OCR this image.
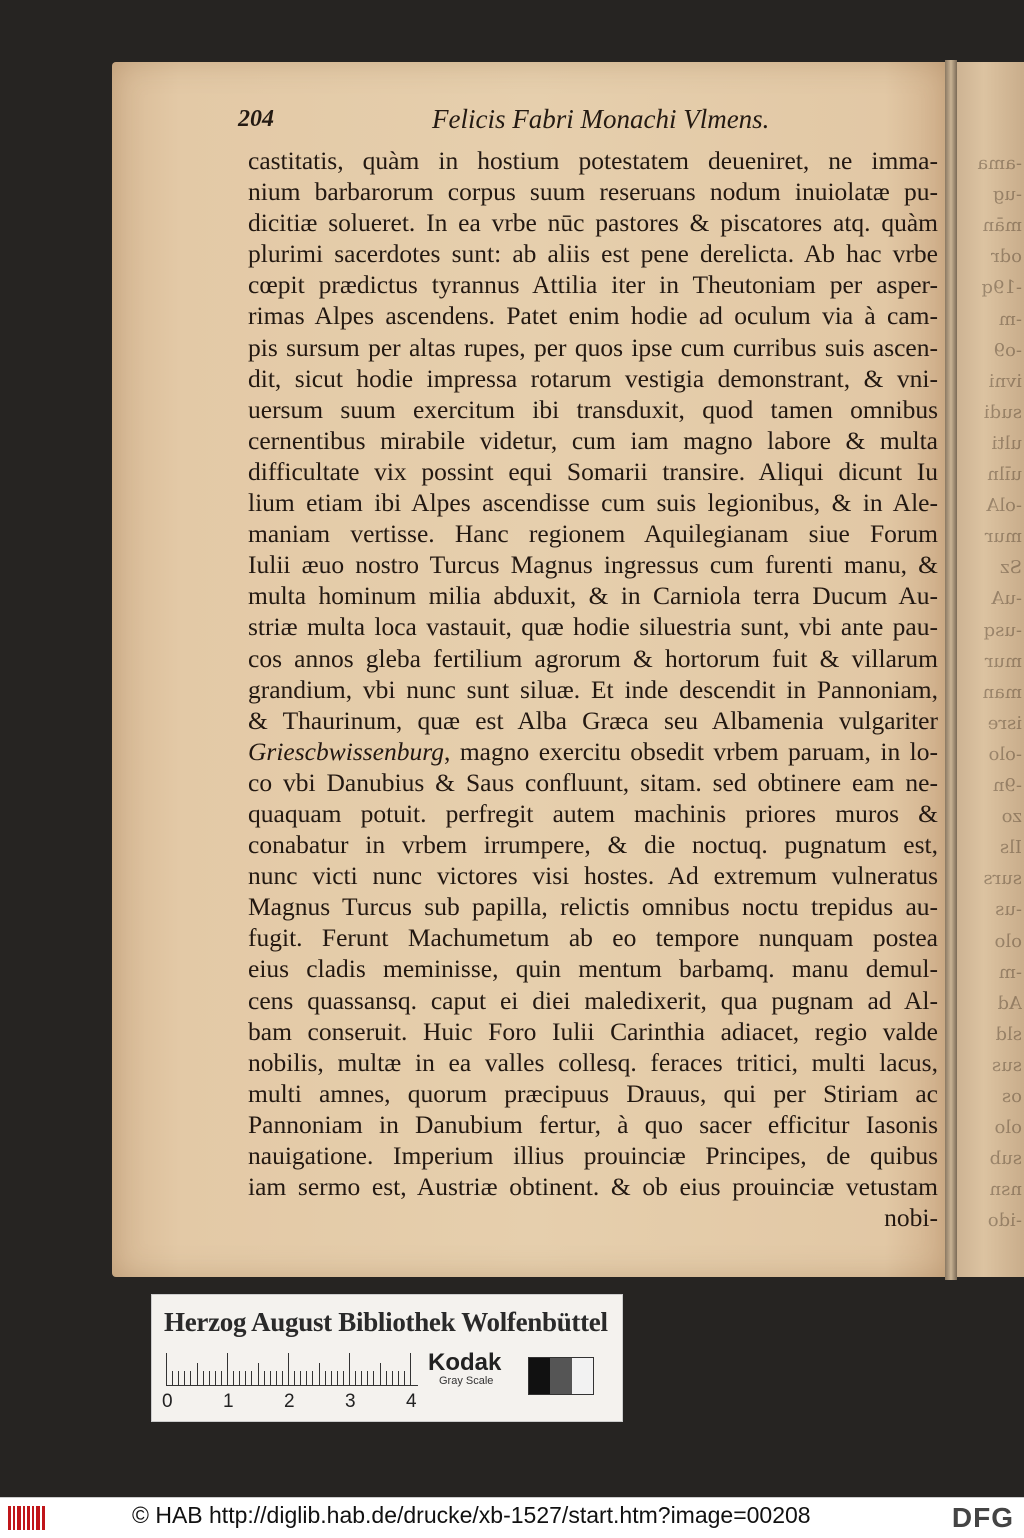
-ama
-ug
mān
odr
-19q
-m
-o9
ivni
sudi
ulti
uīln
-olA
mur
Sz
-uA
-usq
mur
man
isre
-olo
-9n
zo
Ils
surs
-us
olo
-m
Ad
sld
sus
os
olo
sub
nsn
-ido
204	Felicis Fabri Monachi Vlmens.
castitatis, quàm in hostium potestatem deueniret, ne imma-
nium barbarorum corpus suum reseruans nodum inuiolatæ pu-
dicitiæ solueret. In ea vrbe nūc pastores & piscatores atq. quàm
plurimi sacerdotes sunt: ab aliis est pene derelicta. Ab hac vrbe
cœpit prædictus tyrannus Attilia iter in Theutoniam per asper-
rimas Alpes ascendens. Patet enim hodie ad oculum via à cam-
pis sursum per altas rupes, per quos ipse cum curribus suis ascen-
dit, sicut hodie impressa rotarum vestigia demonstrant, & vni-
uersum suum exercitum ibi transduxit, quod tamen omnibus
cernentibus mirabile videtur, cum iam magno labore & multa
difficultate vix possint equi Somarii transire. Aliqui dicunt Iu
lium etiam ibi Alpes ascendisse cum suis legionibus, & in Ale-
maniam vertisse. Hanc regionem Aquilegianam siue Forum
Iulii æuo nostro Turcus Magnus ingressus cum furenti manu, &
multa hominum milia abduxit, & in Carniola terra Ducum Au-
striæ multa loca vastauit, quæ hodie siluestria sunt, vbi ante pau-
cos annos gleba fertilium agrorum & hortorum fuit & villarum
grandium, vbi nunc sunt siluæ. Et inde descendit in Pannoniam,
& Thaurinum, quæ est Alba Græca seu Albamenia vulgariter
Griescbwissenburg, magno exercitu obsedit vrbem paruam, in lo-
co vbi Danubius & Saus confluunt, sitam. sed obtinere eam ne-
quaquam potuit. perfregit autem machinis priores muros &
conabatur in vrbem irrumpere, & die noctuq. pugnatum est,
nunc victi nunc victores visi hostes. Ad extremum vulneratus
Magnus Turcus sub papilla, relictis omnibus noctu trepidus au-
fugit. Ferunt Machumetum ab eo tempore nunquam postea
eius cladis meminisse, quin mentum barbamq. manu demul-
cens quassansq. caput ei diei maledixerit, qua pugnam ad Al-
bam conseruit. Huic Foro Iulii Carinthia adiacet, regio valde
nobilis, multæ in ea valles collesq. feraces tritici, multi lacus,
multi amnes, quorum præcipuus Drauus, qui per Stiriam ac
Pannoniam in Danubium fertur, à quo sacer efficitur Iasonis
nauigatione. Imperium illius prouinciæ Principes, de quibus
iam sermo est, Austriæ obtinent. & ob eius prouinciæ vetustam
nobi-
Herzog August Bibliothek Wolfenbüttel
0	1	2	3	4
Kodak
Gray Scale
© HAB http://diglib.hab.de/drucke/xb-1527/start.htm?image=00208	DFG
